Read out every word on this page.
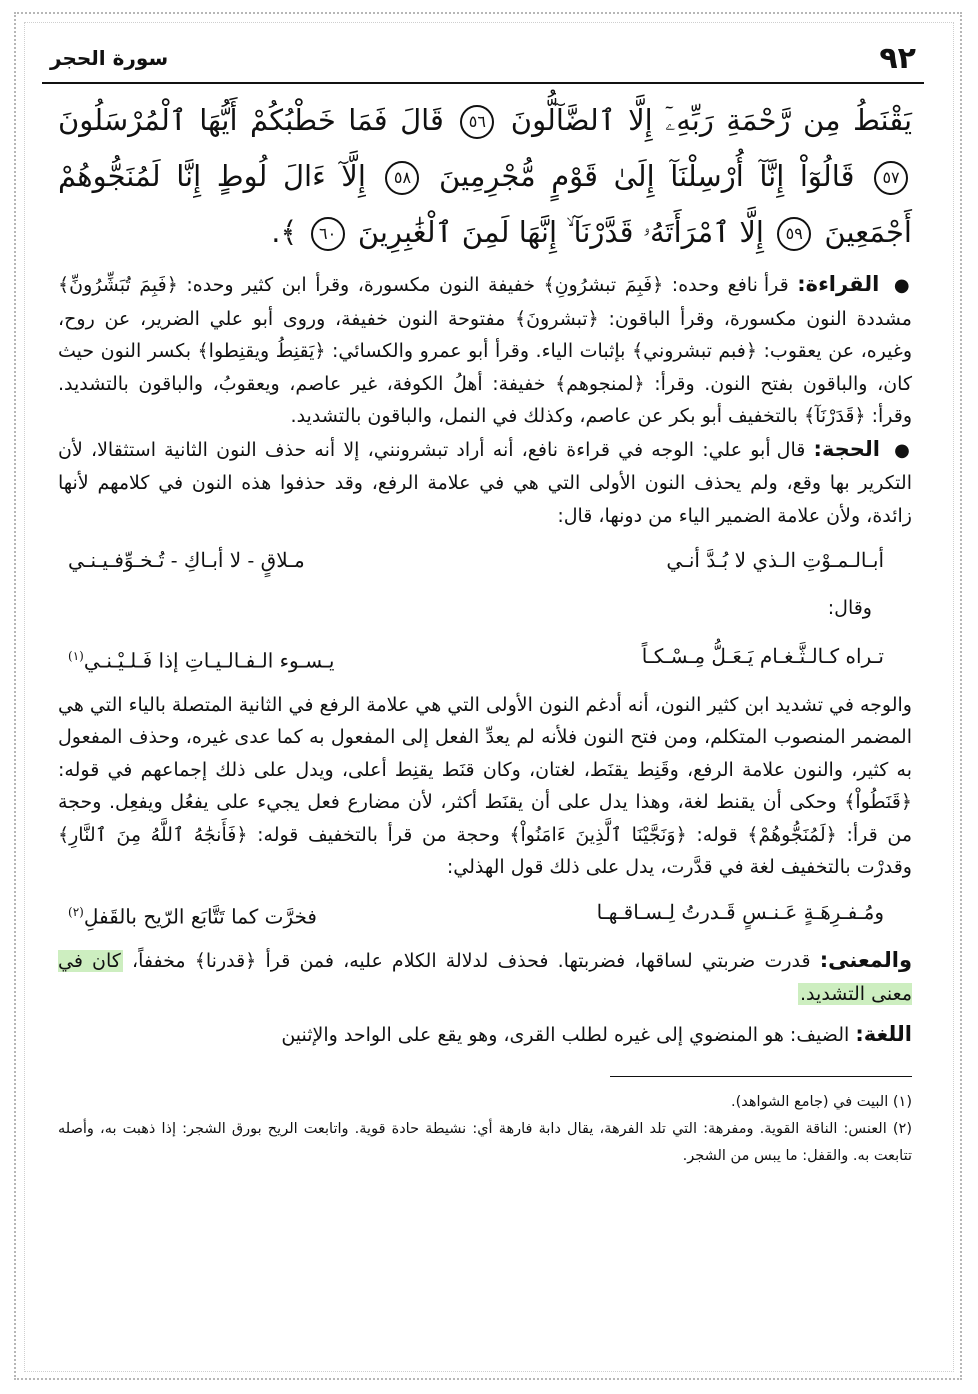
٩٢
سورة الحجر

يَقْنَطُ مِن رَّحْمَةِ رَبِّهِۦٓ إِلَّا ٱلضَّآلُّونَ ٥٦ قَالَ فَمَا خَطْبُكُمْ أَيُّهَا ٱلْمُرْسَلُونَ ٥٧ قَالُوٓاْ إِنَّآ أُرْسِلْنَآ إِلَىٰ قَوْمٍ مُّجْرِمِينَ ٥٨ إِلَّآ ءَالَ لُوطٍ إِنَّا لَمُنَجُّوهُمْ أَجْمَعِينَ ٥٩ إِلَّا ٱمْرَأَتَهُۥ قَدَّرْنَآ ۙ إِنَّهَا لَمِنَ ٱلْغَٰبِرِينَ ٦٠ ﴾.

● القراءة: قرأ نافع وحده: ﴿فَبِمَ تبشرُونِ﴾ خفيفة النون مكسورة، وقرأ ابن كثير وحده: ﴿فَبِمَ تُبَشِّرُونِّ﴾ مشددة النون مكسورة، وقرأ الباقون: ﴿تبشرونَ﴾ مفتوحة النون خفيفة، وروى أبو علي الضرير، عن روح، وغيره، عن يعقوب: ﴿فبم تبشروني﴾ بإثبات الياء. وقرأ أبو عمرو والكسائي: ﴿يَقنِطُ ويقنِطوا﴾ بكسر النون حيث كان، والباقون بفتح النون. وقرأ: ﴿لمنجوهم﴾ خفيفة: أهلُ الكوفة، غير عاصم، ويعقوبُ، والباقون بالتشديد. وقرأ: ﴿قَدَرْنَآ﴾ بالتخفيف أبو بكر عن عاصم، وكذلك في النمل، والباقون بالتشديد.

● الحجة: قال أبو علي: الوجه في قراءة نافع، أنه أراد تبشرونني، إلا أنه حذف النون الثانية استثقالا، لأن التكرير بها وقع، ولم يحذف النون الأولى التي هي في علامة الرفع، وقد حذفوا هذه النون في كلامهم لأنها زائدة، ولأن علامة الضمير الياء من دونها، قال:

أبـالـمـوْتِ الـذي لا بُـدَّ أنـي
مـلاقٍ - لا أبـاكِ - تُـخـوِّفـيـنـي
وقال:
تـراه كـالـثَّـغـام يَـعَـلُّ مِـسْـكـاً
يـسـوء الـفـالـيـاتِ إذا فَـلـيْـنـي$^{(١)}$

والوجه في تشديد ابن كثير النون، أنه أدغم النون الأولى التي هي علامة الرفع في الثانية المتصلة بالياء التي هي المضمر المنصوب المتكلم، ومن فتح النون فلأنه لم يعدِّ الفعل إلى المفعول به كما عدى غيره، وحذف المفعول به كثير، والنون علامة الرفع، وقَنِط يقنَط، لغتان، وكان قنَط يقنِط أعلى، ويدل على ذلك إجماعهم في قوله: ﴿قَنَطُواْ﴾ وحكى أن يقنط لغة، وهذا يدل على أن يقنَط أكثر، لأن مضارع فعل يجيء على يفعُل ويفعِل. وحجة من قرأ: ﴿لَمُنَجُّوهُمْ﴾ قوله: ﴿وَنَجَّيْنَا ٱلَّذِينَ ءَامَنُواْ﴾ وحجة من قرأ بالتخفيف قوله: ﴿فَأَنجَٰهُ ٱللَّهُ مِنَ ٱلنَّارِ﴾ وقدرْت بالتخفيف لغة في قدَّرت، يدل على ذلك قول الهذلي:

ومُـفـرِهَـةٍ عَـنـسٍ قَـدرتُ لِـسـاقـهـا
فخرَّت كما تَتَّابَع الرّيح بالقَفلِ$^{(٢)}$

والمعنى: قدرت ضربتي لساقها، فضربتها. فحذف لدلالة الكلام عليه، فمن قرأ ﴿قدرنا﴾ مخففاً، كان في معنى التشديد.

اللغة: الضيف: هو المنضوي إلى غيره لطلب القرى، وهو يقع على الواحد والإثنين

(١) البيت في (جامع الشواهد).

(٢) العنس: الناقة القوية. ومفرهة: التي تلد الفرهة، يقال دابة فارهة أي: نشيطة حادة قوية. واتابعت الريح بورق الشجر: إذا ذهبت به، وأصله تتابعت به. والقفل: ما يبس من الشجر.
